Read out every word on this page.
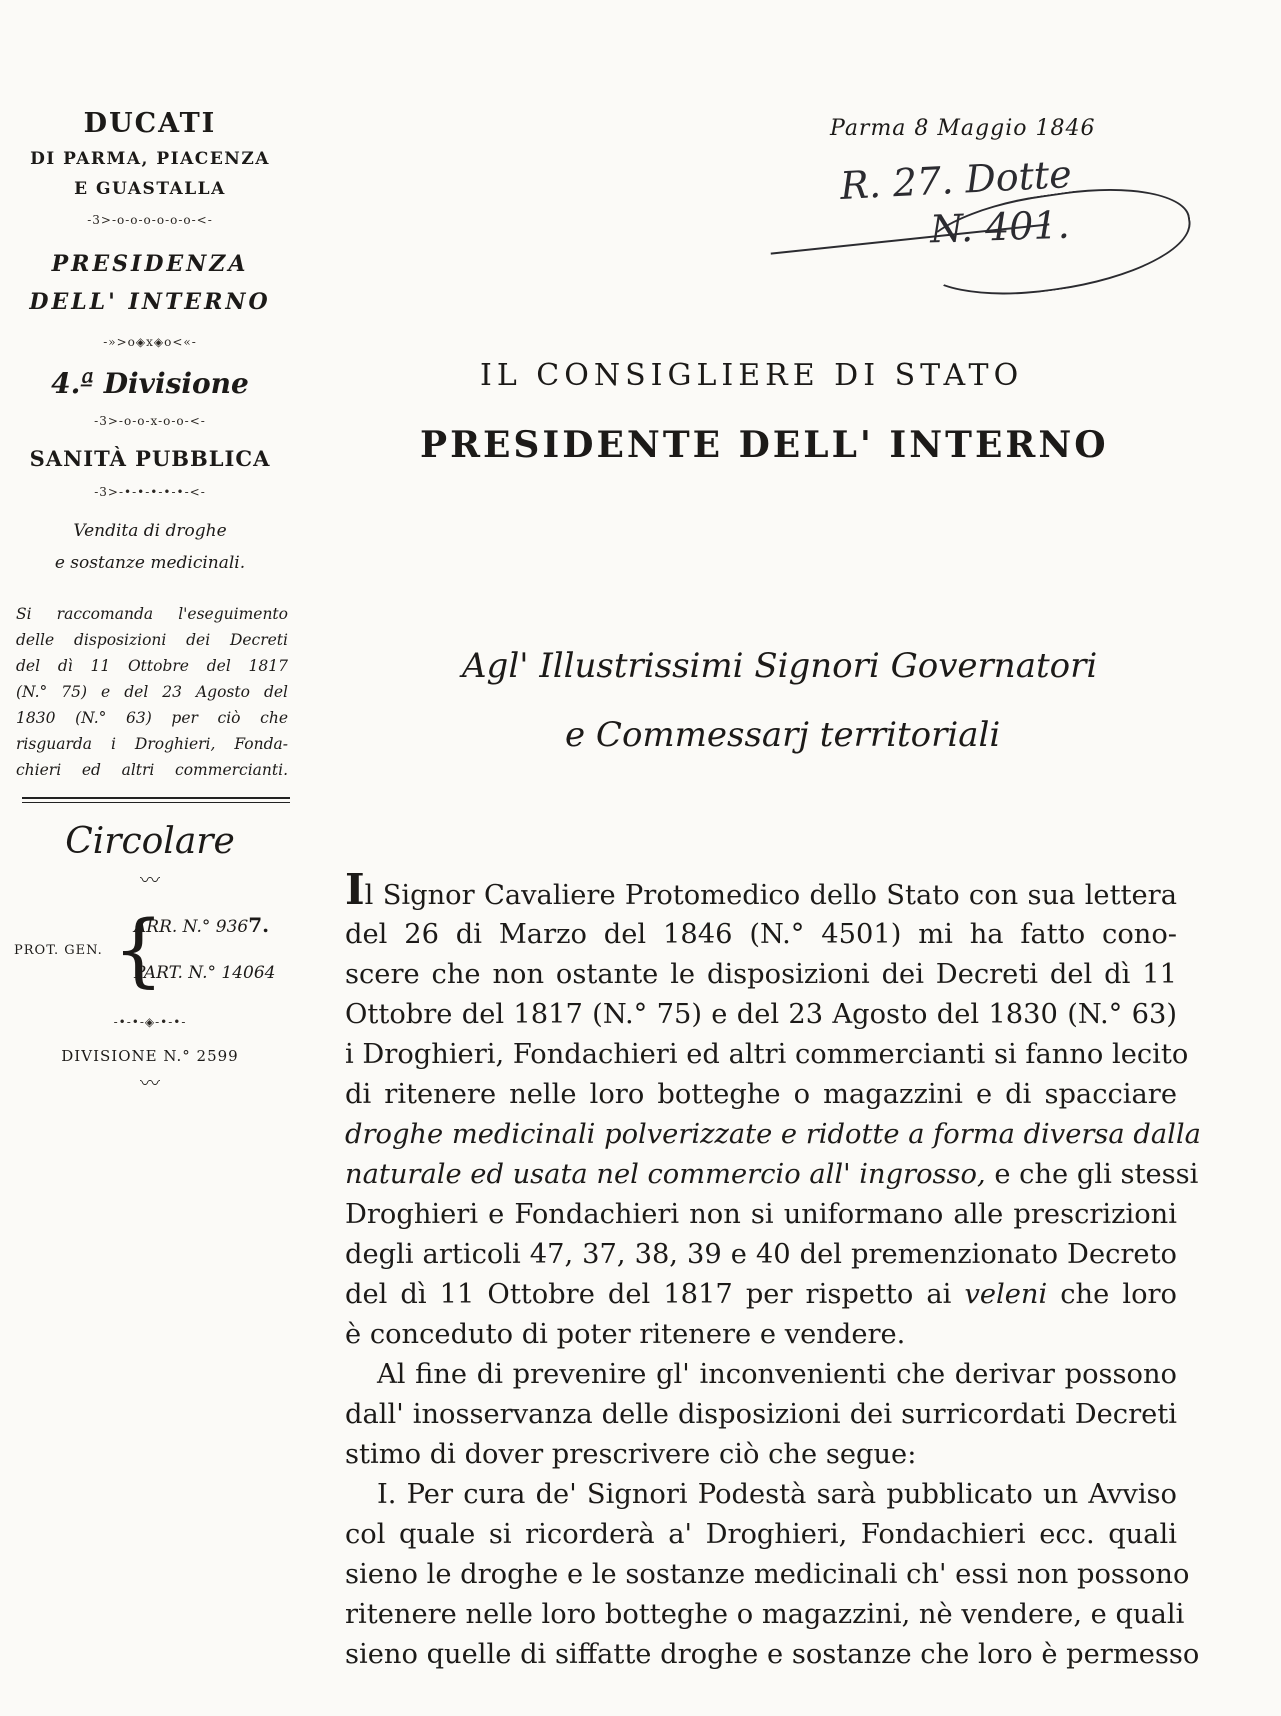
DUCATI
DI PARMA, PIACENZA
E GUASTALLA
-3>-o-o-o-o-o-o-<-
PRESIDENZA
DELL' INTERNO
-»>o◈x◈o<«-
4.ª Divisione
-3>-o-o-x-o-o-<-
SANITÀ PUBBLICA
-3>-•-•-•-•-•-<-
Vendita di droghe
e sostanze medicinali.
Si raccomanda l'eseguimento
delle disposizioni dei Decreti
del dì 11 Ottobre del 1817
(N.° 75) e del 23 Agosto del
1830 (N.° 63) per ciò che
risguarda i Droghieri, Fonda-
chieri ed altri commercianti.
Circolare
〰
PROT. GEN. {
ARR. N.° 9367.
PART. N.° 14064
-•-•-◈-•-•-
DIVISIONE N.° 2599
〰
Parma 8 Maggio 1846
R. 27. Dotte
N. 401.
IL CONSIGLIERE DI STATO
PRESIDENTE DELL' INTERNO
Agl' Illustrissimi Signori Governatori
e Commessarj territoriali
Il Signor Cavaliere Protomedico dello Stato con sua lettera
del 26 di Marzo del 1846 (N.° 4501) mi ha fatto cono-
scere che non ostante le disposizioni dei Decreti del dì 11
Ottobre del 1817 (N.° 75) e del 23 Agosto del 1830 (N.° 63)
i Droghieri, Fondachieri ed altri commercianti si fanno lecito
di ritenere nelle loro botteghe o magazzini e di spacciare
droghe medicinali polverizzate e ridotte a forma diversa dalla
naturale ed usata nel commercio all' ingrosso, e che gli stessi
Droghieri e Fondachieri non si uniformano alle prescrizioni
degli articoli 47, 37, 38, 39 e 40 del premenzionato Decreto
del dì 11 Ottobre del 1817 per rispetto ai veleni che loro
è conceduto di poter ritenere e vendere.
Al fine di prevenire gl' inconvenienti che derivar possono
dall' inosservanza delle disposizioni dei surricordati Decreti
stimo di dover prescrivere ciò che segue:
I. Per cura de' Signori Podestà sarà pubblicato un Avviso
col quale si ricorderà a' Droghieri, Fondachieri ecc. quali
sieno le droghe e le sostanze medicinali ch' essi non possono
ritenere nelle loro botteghe o magazzini, nè vendere, e quali
sieno quelle di siffatte droghe e sostanze che loro è permesso
